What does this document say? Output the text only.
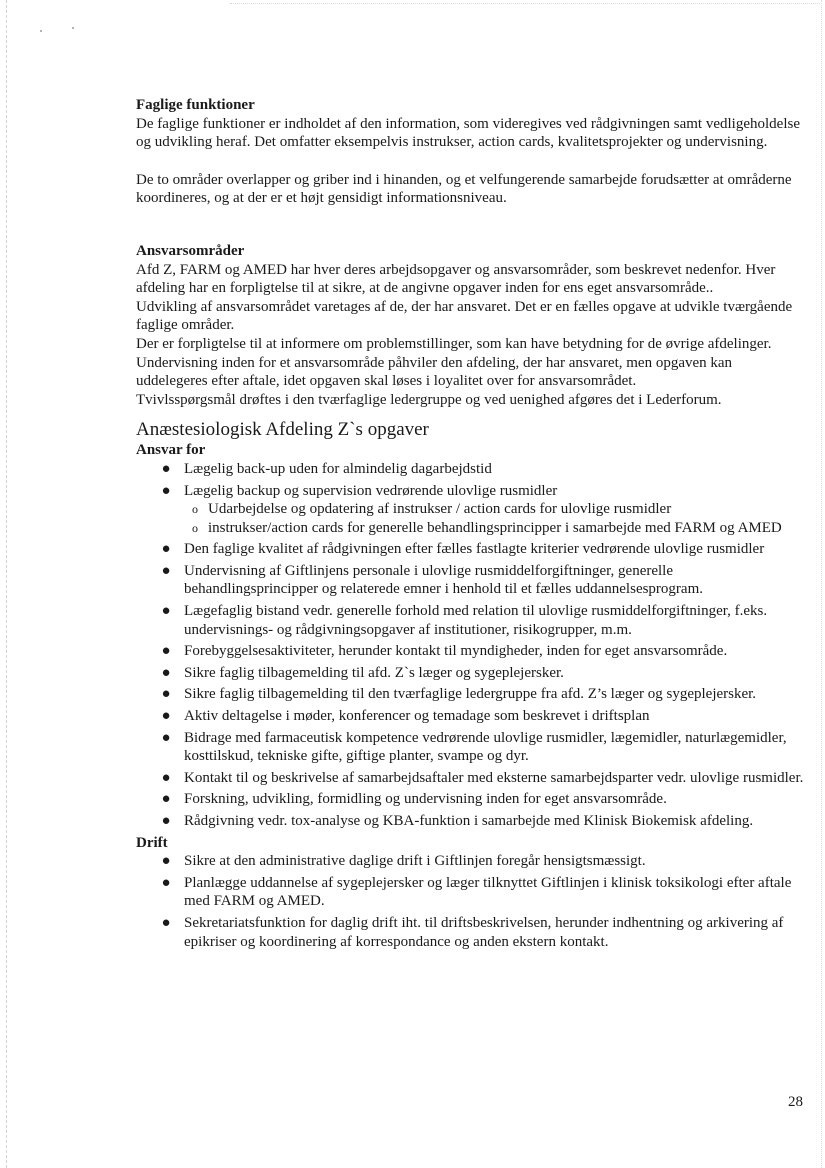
Faglige funktioner

De faglige funktioner er indholdet af den information, som videregives ved rådgivningen samt vedligeholdelse og udvikling heraf. Det omfatter eksempelvis instrukser, action cards, kvalitetsprojekter og undervisning.

De to områder overlapper og griber ind i hinanden, og et velfungerende samarbejde forudsætter at områderne koordineres, og at der er et højt gensidigt informationsniveau.

Ansvarsområder

Afd Z, FARM og AMED har hver deres arbejdsopgaver og ansvarsområder, som beskrevet nedenfor. Hver afdeling har en forpligtelse til at sikre, at de angivne opgaver inden for ens eget ansvarsområde..

Udvikling af ansvarsområdet varetages af de, der har ansvaret. Det er en fælles opgave at udvikle tværgående faglige områder.

Der er forpligtelse til at informere om problemstillinger, som kan have betydning for de øvrige afdelinger.

Undervisning inden for et ansvarsområde påhviler den afdeling, der har ansvaret, men opgaven kan uddelegeres efter aftale, idet opgaven skal løses i loyalitet over for ansvarsområdet.

Tvivlsspørgsmål drøftes i den tværfaglige ledergruppe og ved uenighed afgøres det i Lederforum.

Anæstesiologisk Afdeling Z`s opgaver
Ansvar for
● Lægelig back-up uden for almindelig dagarbejdstid
● Lægelig backup og supervision vedrørende ulovlige rusmidler
o Udarbejdelse og opdatering af instrukser / action cards for ulovlige rusmidler
o instrukser/action cards for generelle behandlingsprincipper i samarbejde med FARM og AMED
● Den faglige kvalitet af rådgivningen efter fælles fastlagte kriterier vedrørende ulovlige rusmidler
● Undervisning af Giftlinjens personale i ulovlige rusmiddelforgiftninger, generelle behandlingsprincipper og relaterede emner i henhold til et fælles uddannelsesprogram.
● Lægefaglig bistand vedr. generelle forhold med relation til ulovlige rusmiddelforgiftninger, f.eks. undervisnings- og rådgivningsopgaver af institutioner, risikogrupper, m.m.
● Forebyggelsesaktiviteter, herunder kontakt til myndigheder, inden for eget ansvarsområde.
● Sikre faglig tilbagemelding til afd. Z`s læger og sygeplejersker.
● Sikre faglig tilbagemelding til den tværfaglige ledergruppe fra afd. Z’s læger og sygeplejersker.
● Aktiv deltagelse i møder, konferencer og temadage som beskrevet i driftsplan
● Bidrage med farmaceutisk kompetence vedrørende ulovlige rusmidler, lægemidler, naturlægemidler, kosttilskud, tekniske gifte, giftige planter, svampe og dyr.
● Kontakt til og beskrivelse af samarbejdsaftaler med eksterne samarbejdsparter vedr. ulovlige rusmidler.
● Forskning, udvikling, formidling og undervisning inden for eget ansvarsområde.
● Rådgivning vedr. tox-analyse og KBA-funktion i samarbejde med Klinisk Biokemisk afdeling.
Drift
● Sikre at den administrative daglige drift i Giftlinjen foregår hensigtsmæssigt.
● Planlægge uddannelse af sygeplejersker og læger tilknyttet Giftlinjen i klinisk toksikologi efter aftale med FARM og AMED.
● Sekretariatsfunktion for daglig drift iht. til driftsbeskrivelsen, herunder indhentning og arkivering af epikriser og koordinering af korrespondance og anden ekstern kontakt.
28
